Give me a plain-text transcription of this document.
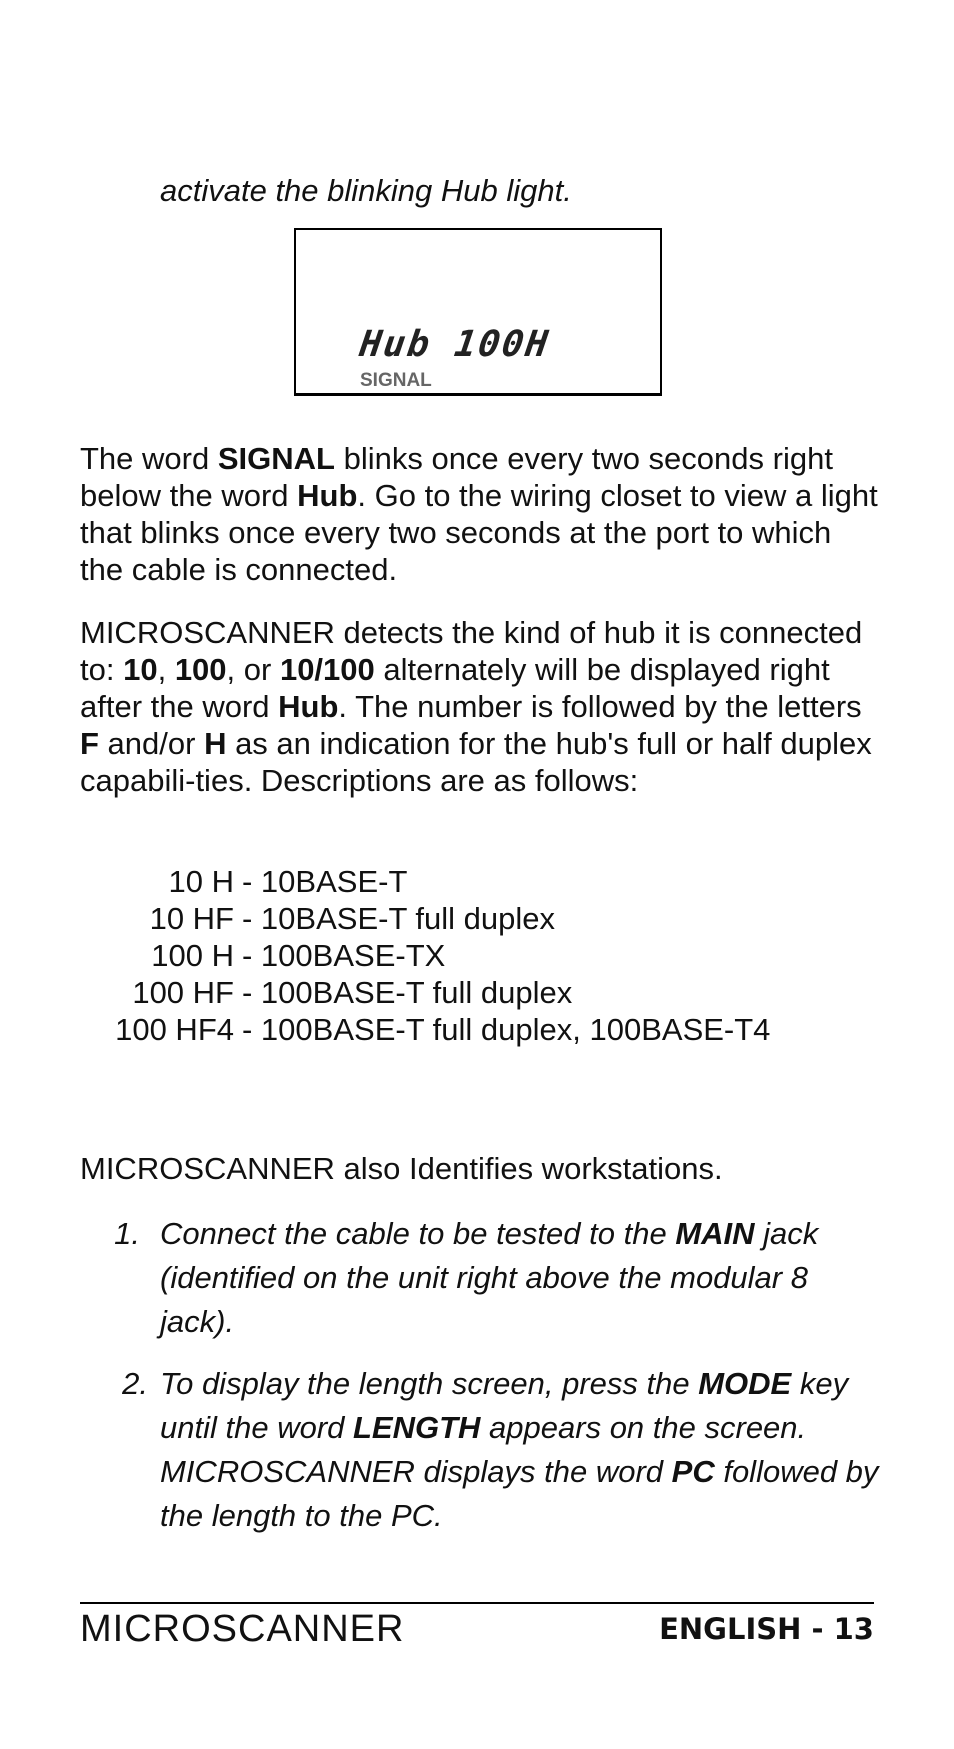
activate the blinking Hub light.
Hub 100H
SIGNAL
The word SIGNAL blinks once every two seconds right below the word Hub. Go to the wiring closet to view a light that blinks once every two seconds at the port to which the cable is connected.
MICROSCANNER detects the kind of hub it is connected to: 10, 100, or 10/100 alternately will be displayed right after the word Hub. The number is followed by the letters F and/or H as an indication for the hub's full or half duplex capabili-ties. Descriptions are as follows:
10 H - 10BASE-T
10 HF - 10BASE-T full duplex
100 H - 100BASE-TX
100 HF - 100BASE-T full duplex
100 HF4 - 100BASE-T full duplex, 100BASE-T4
MICROSCANNER also Identifies workstations.
1. Connect the cable to be tested to the MAIN jack (identified on the unit right above the modular 8 jack).
2. To display the length screen, press the MODE key until the word LENGTH appears on the screen. MICROSCANNER displays the word PC followed by the length to the PC.
MICROSCANNER	ENGLISH - 13
